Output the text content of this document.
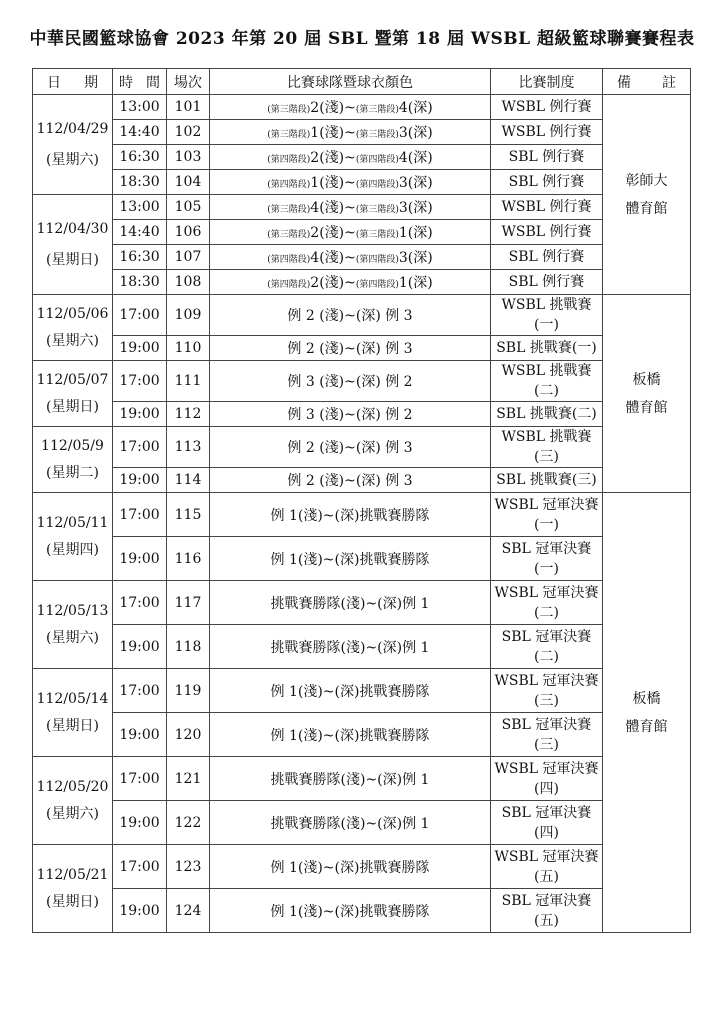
中華民國籃球協會 2023 年第 20 屆 SBL 暨第 18 屆 WSBL 超級籃球聯賽賽程表
日 期	時 間	場次	比賽球隊暨球衣顏色	比賽制度	備 註

112/04/29
(星期六)	13:00	101	(第三階段)2(淺)~(第三階段)4(深)	WSBL 例行賽	彰師大
體育館
	14:40	102	(第三階段)1(淺)~(第三階段)3(深)	WSBL 例行賽	
	16:30	103	(第四階段)2(淺)~(第四階段)4(深)	SBL 例行賽	
	18:30	104	(第四階段)1(淺)~(第四階段)3(深)	SBL 例行賽	
112/04/30
(星期日)	13:00	105	(第三階段)4(淺)~(第三階段)3(深)	WSBL 例行賽	
	14:40	106	(第三階段)2(淺)~(第三階段)1(深)	WSBL 例行賽	
	16:30	107	(第四階段)4(淺)~(第四階段)3(深)	SBL 例行賽	
	18:30	108	(第四階段)2(淺)~(第四階段)1(深)	SBL 例行賽	
112/05/06
(星期六)	17:00	109	例 2 (淺)~(深) 例 3	WSBL 挑戰賽(一)	板橋
體育館
	19:00	110	例 2 (淺)~(深) 例 3	SBL 挑戰賽(一)	
112/05/07
(星期日)	17:00	111	例 3 (淺)~(深) 例 2	WSBL 挑戰賽(二)	
	19:00	112	例 3 (淺)~(深) 例 2	SBL 挑戰賽(二)	
112/05/9
(星期二)	17:00	113	例 2 (淺)~(深) 例 3	WSBL 挑戰賽(三)	
	19:00	114	例 2 (淺)~(深) 例 3	SBL 挑戰賽(三)	
112/05/11
(星期四)	17:00	115	例 1(淺)~(深)挑戰賽勝隊	WSBL 冠軍決賽
(一)	板橋
體育館
	19:00	116	例 1(淺)~(深)挑戰賽勝隊	SBL 冠軍決賽
(一)	
112/05/13
(星期六)	17:00	117	挑戰賽勝隊(淺)~(深)例 1	WSBL 冠軍決賽
(二)	
	19:00	118	挑戰賽勝隊(淺)~(深)例 1	SBL 冠軍決賽
(二)	
112/05/14
(星期日)	17:00	119	例 1(淺)~(深)挑戰賽勝隊	WSBL 冠軍決賽
(三)	
	19:00	120	例 1(淺)~(深)挑戰賽勝隊	SBL 冠軍決賽
(三)	
112/05/20
(星期六)	17:00	121	挑戰賽勝隊(淺)~(深)例 1	WSBL 冠軍決賽
(四)	
	19:00	122	挑戰賽勝隊(淺)~(深)例 1	SBL 冠軍決賽
(四)	
112/05/21
(星期日)	17:00	123	例 1(淺)~(深)挑戰賽勝隊	WSBL 冠軍決賽
(五)	
	19:00	124	例 1(淺)~(深)挑戰賽勝隊	SBL 冠軍決賽
(五)	
